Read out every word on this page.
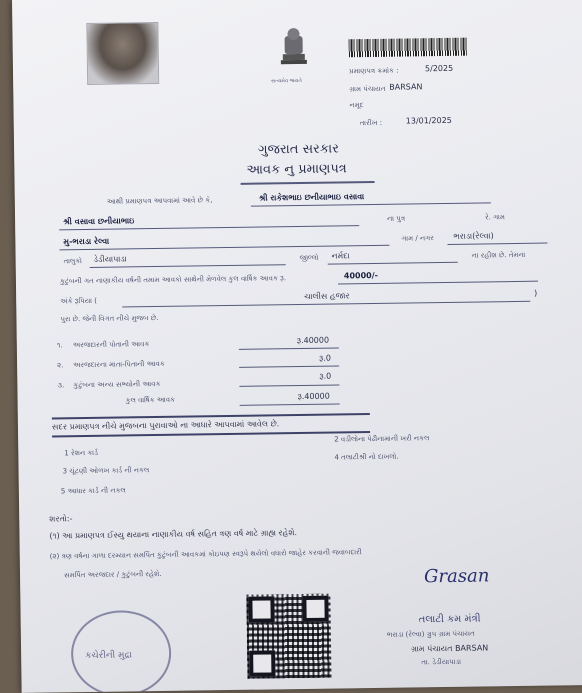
સત્યમેવ જયતે
પ્રમાણપત્ર ક્રમાંક :	5/2025
ગ્રામ પંચાયત BARSAN
નમૂદ
તારીખ :	13/01/2025
ગુજરાત સરકાર
આવક નુ પ્રમાણપત્ર
આથી પ્રમાણપત્ર આપવામાં આવે છે કે,	શ્રી રાકેશભાઇ છનીયાભાઇ વસાવા
શ્રી વસાવા છનીયાભાઇ	ના પુત્ર	રે. ગામ
મુ-ભરાડા રેલ્વા	ગામ / નગર ભરાડા(રેલ્વા)
તાલુકો ડેડીયાપાડા	જીલ્લો નર્મદા	ના રહીશ છે. તેમના
કુટુંબની ગત નાણાકીય વર્ષની તમામ આવકો સાથેની મેળવેલ કુલ વાર્ષિક આવક રૂ.	40000/-
અંકે રૂપિયા (
ચાલીસ હજાર	)
પુરા છે. જેની વિગત નીચે મુજબ છે.
૧. અરજદારની પોતાની આવક	રૂ.40000
૨. અરજદારના માતા-પિતાની આવક
રૂ.0
૩. કુટુંબના અન્ય સભ્યોની આવક
રૂ.0
કુલ વાર્ષિક આવક	રૂ.40000
સદર પ્રમાણપત્ર નીચે મુજબના પુરાવાઓ ના આધારે આપવામાં આવેલ છે.
1 રેશન કાર્ડ
2 વડીલોના પેઢીનામાની ખરી નકલ
3 ચૂંટણી ઓળખ કાર્ડ ની નકલ
4 તલાટીશ્રી નો દાખલો.
5 આધાર કાર્ડ ની નકલ
શરતો:-
(૧) આ પ્રમાણપત્ર ઈસ્યુ થયાના નાણાકીય વર્ષ સહિત ત્રણ વર્ષ માટે ગ્રાહ્ય રહેશે.
(૨) ત્રણ વર્ષના ગાળા દરમ્યાન સમર્પિત કુટુંબની આવકમાં કોઇપણ સ્વરૂપે થયેલો વધારો જાહેર કરવાની જવાબદારી
સમર્પિત અરજદાર / કુટુંબની રહેશે.
કચેરીની મુદ્રા
Grasan
તલાટી કમ મંત્રી
ભરાડા (રેલ્વા) ગ્રુપ ગ્રામ પંચાયત
ગ્રામ પંચાયત BARSAN
તા. ડેડીયાપાડા
